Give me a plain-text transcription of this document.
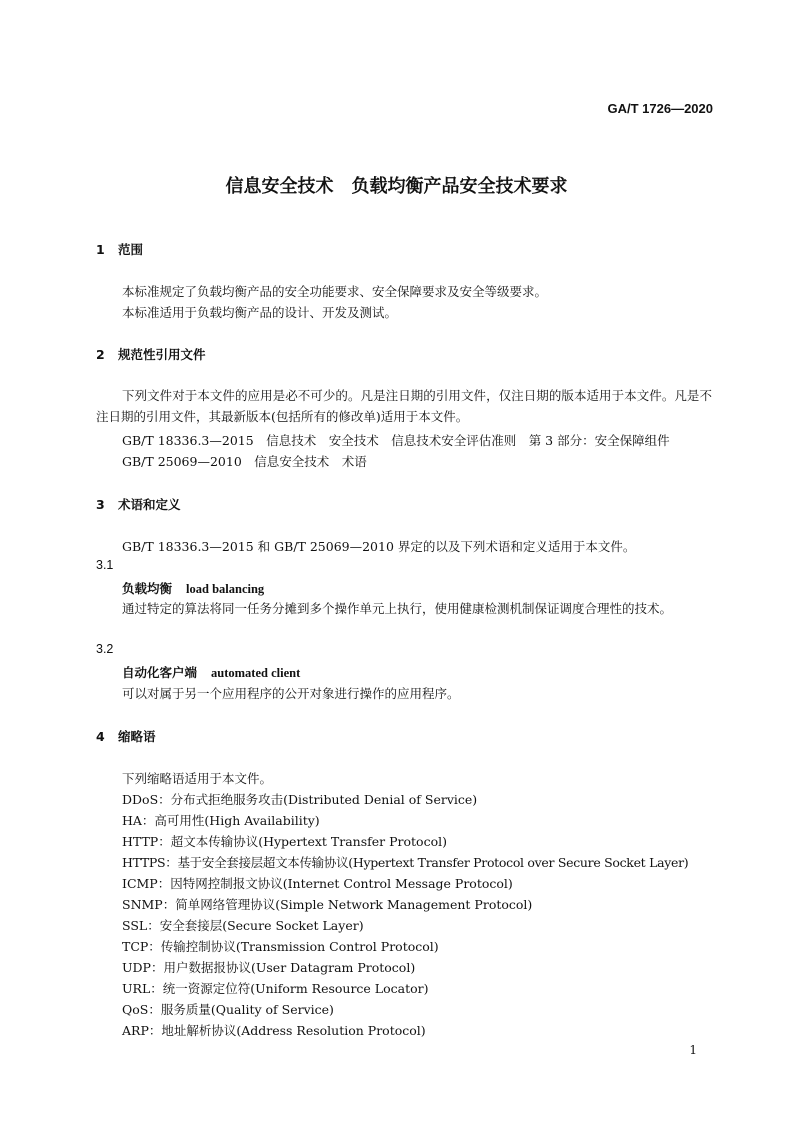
GA/T 1726—2020
信息安全技术　负载均衡产品安全技术要求
1 范围
本标准规定了负载均衡产品的安全功能要求、安全保障要求及安全等级要求。
本标准适用于负载均衡产品的设计、开发及测试。
2 规范性引用文件
下列文件对于本文件的应用是必不可少的。凡是注日期的引用文件，仅注日期的版本适用于本文件。凡是不注日期的引用文件，其最新版本(包括所有的修改单)适用于本文件。
GB/T 18336.3—2015　信息技术　安全技术　信息技术安全评估准则　第 3 部分：安全保障组件
GB/T 25069—2010　信息安全技术　术语
3 术语和定义
GB/T 18336.3—2015 和 GB/T 25069—2010 界定的以及下列术语和定义适用于本文件。
3.1
负载均衡 load balancing
通过特定的算法将同一任务分摊到多个操作单元上执行，使用健康检测机制保证调度合理性的技术。
3.2
自动化客户端 automated client
可以对属于另一个应用程序的公开对象进行操作的应用程序。
4 缩略语
下列缩略语适用于本文件。
DDoS：分布式拒绝服务攻击(Distributed Denial of Service)
HA：高可用性(High Availability)
HTTP：超文本传输协议(Hypertext Transfer Protocol)
HTTPS：基于安全套接层超文本传输协议(Hypertext Transfer Protocol over Secure Socket Layer)
ICMP：因特网控制报文协议(Internet Control Message Protocol)
SNMP：简单网络管理协议(Simple Network Management Protocol)
SSL：安全套接层(Secure Socket Layer)
TCP：传输控制协议(Transmission Control Protocol)
UDP：用户数据报协议(User Datagram Protocol)
URL：统一资源定位符(Uniform Resource Locator)
QoS：服务质量(Quality of Service)
ARP：地址解析协议(Address Resolution Protocol)
1
